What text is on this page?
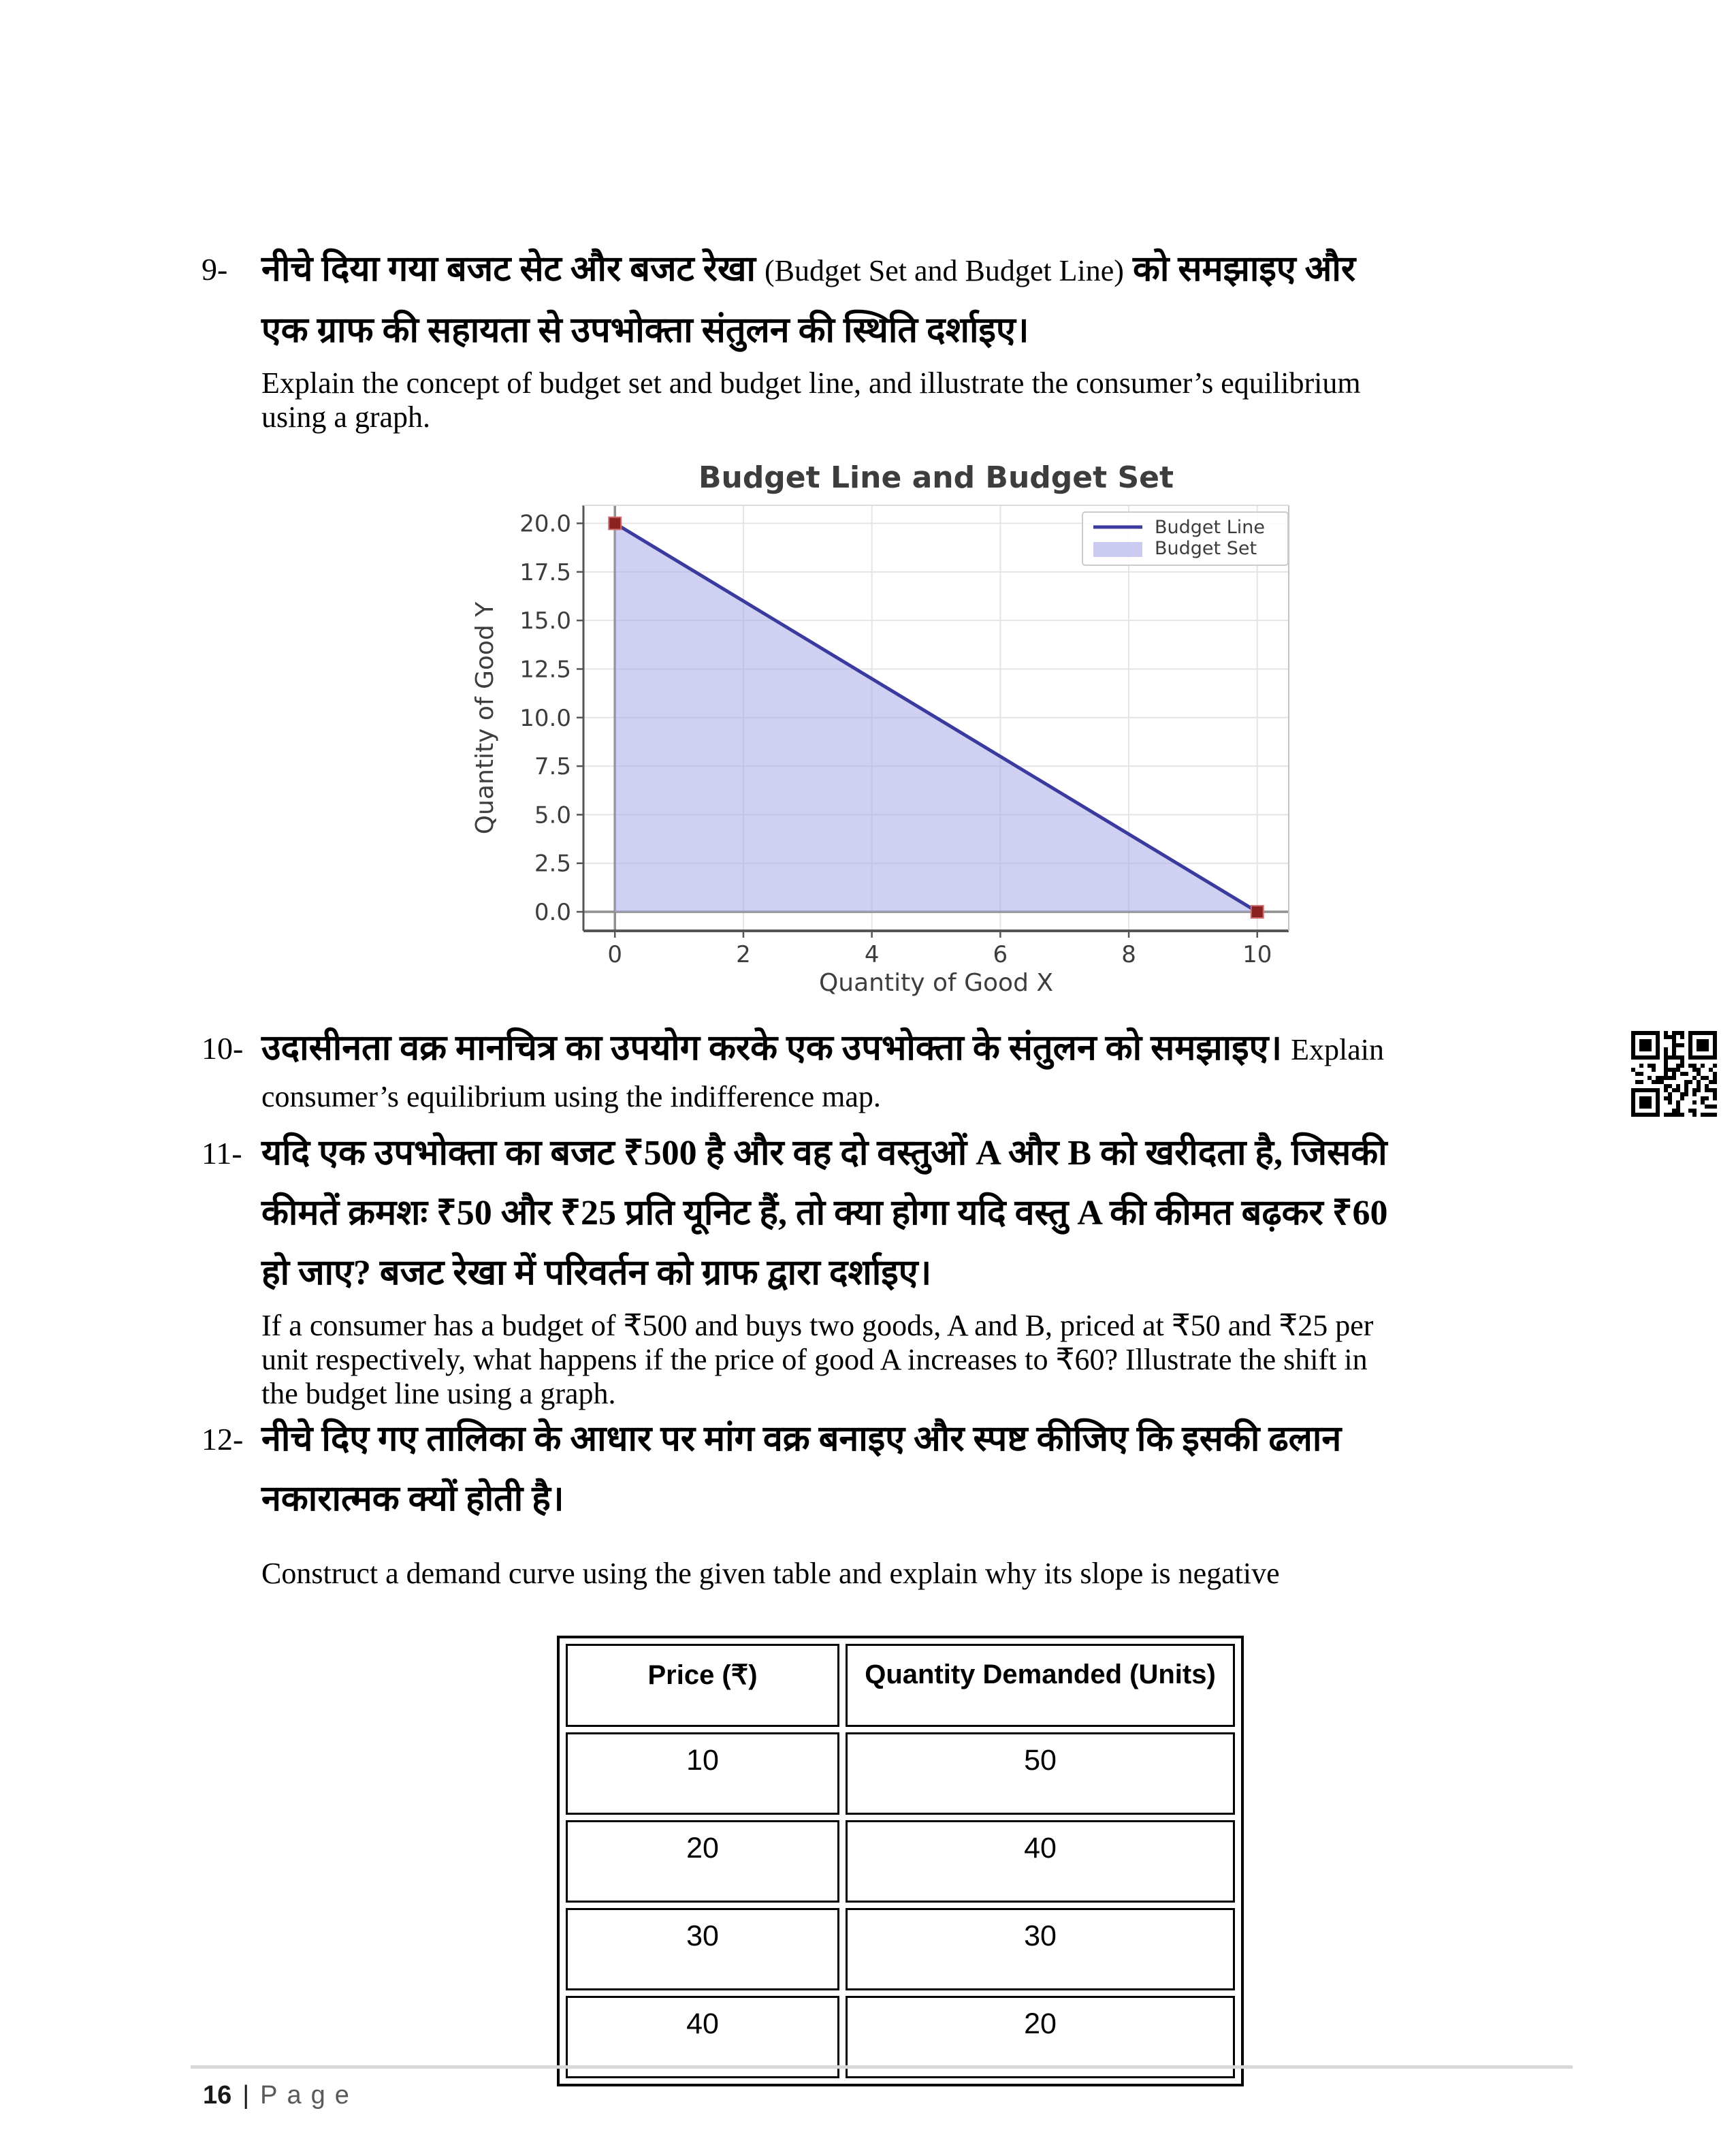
9- नीचे दिया गया बजट सेट और बजट रेखा (Budget Set and Budget Line) को समझाइए और
एक ग्राफ की सहायता से उपभोक्ता संतुलन की स्थिति दर्शाइए।
Explain the concept of budget set and budget line, and illustrate the consumer’s equilibrium
using a graph.
0	2	4	6	8	10
0.0
2.5
5.0
7.5
10.0
12.5
15.0
17.5
20.0
Quantity of Good X
Quantity of Good Y
Budget Line and Budget Set
Budget Line
Budget Set
10- उदासीनता वक्र मानचित्र का उपयोग करके एक उपभोक्ता के संतुलन को समझाइए। Explain
consumer’s equilibrium using the indifference map.
11- यदि एक उपभोक्ता का बजट ₹500 है और वह दो वस्तुओं A और B को खरीदता है, जिसकी
कीमतें क्रमशः ₹50 और ₹25 प्रति यूनिट हैं, तो क्या होगा यदि वस्तु A की कीमत बढ़कर ₹60
हो जाए? बजट रेखा में परिवर्तन को ग्राफ द्वारा दर्शाइए।
If a consumer has a budget of ₹500 and buys two goods, A and B, priced at ₹50 and ₹25 per
unit respectively, what happens if the price of good A increases to ₹60? Illustrate the shift in
the budget line using a graph.
12- नीचे दिए गए तालिका के आधार पर मांग वक्र बनाइए और स्पष्ट कीजिए कि इसकी ढलान
नकारात्मक क्यों होती है।
Construct a demand curve using the given table and explain why its slope is negative
Price (₹)	Quantity Demanded (Units)
10	50
20	40
30	30
40	20
16 | Page
